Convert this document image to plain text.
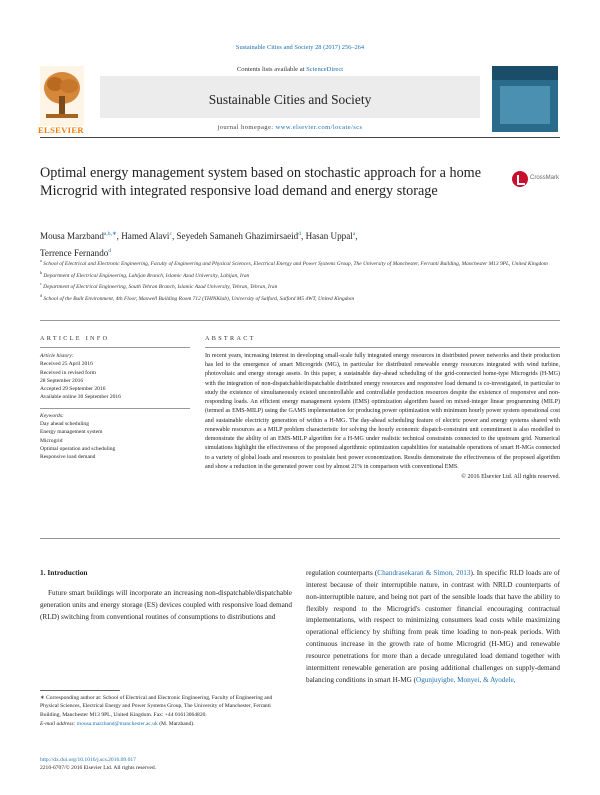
Sustainable Cities and Society 28 (2017) 256–264
ELSEVIER
Contents lists available at ScienceDirect
Sustainable Cities and Society
journal homepage: www.elsevier.com/locate/scs
Optimal energy management system based on stochastic approach for a home Microgrid with integrated responsive load demand and energy storage
CrossMark
Mousa Marzband$^{a,b,∗}$, Hamed Alavi$^c$, Seyedeh Samaneh Ghazimirsaeid$^d$, Hasan Uppal$^a$,
Terrence Fernando$^d$
$^a$ School of Electrical and Electronic Engineering, Faculty of Engineering and Physical Sciences, Electrical Energy and Power Systems Group, The University of Manchester, Ferranti Building, Manchester M13 9PL, United Kingdom
$^b$ Department of Electrical Engineering, Lahijan Branch, Islamic Azad University, Lahijan, Iran
$^c$ Department of Electrical Engineering, South Tehran Branch, Islamic Azad University, Tehran, Tehran, Iran
$^d$ School of the Built Environment, 4th Floor, Maxwell Building Room 712 (THINKlab), University of Salford, Salford M5 4WT, United Kingdom
ARTICLE INFO
Article history:
Received 25 April 2016
Received in revised form
28 September 2016
Accepted 29 September 2016
Available online 30 September 2016
Keywords:
Day ahead scheduling
Energy management system
Microgrid
Optimal operation and scheduling
Responsive load demand
ABSTRACT
In recent years, increasing interest in developing small-scale fully integrated energy resources in distributed power networks and their production has led to the emergence of smart Microgrids (MG), in particular for distributed renewable energy resources integrated with wind turbine, photovoltaic and energy storage assets. In this paper, a sustainable day-ahead scheduling of the grid-connected home-type Microgrids (H-MG) with the integration of non-dispatchable/dispatchable distributed energy resources and responsive load demand is co-investigated, in particular to study the existence of simultaneously existed uncontrollable and controllable production resources despite the existence of responsive and non-responding loads. An efficient energy management system (EMS) optimization algorithm based on mixed-integer linear programming (MILP) (termed as EMS-MILP) using the GAMS implementation for producing power optimization with minimum hourly power system operational cost and sustainable electricity generation of within a H-MG. The day-ahead scheduling feature of electric power and energy systems shared with renewable resources as a MILP problem characteristic for solving the hourly economic dispatch-constraint unit commitment is also modelled to demonstrate the ability of an EMS-MILP algorithm for a H-MG under realistic technical constraints connected to the upstream grid. Numerical simulations highlight the effectiveness of the proposed algorithmic optimization capabilities for sustainable operations of smart H-MGs connected to a variety of global loads and resources to postulate best power economization. Results demonstrate the effectiveness of the proposed algorithm and show a reduction in the generated power cost by almost 21% in comparison with conventional EMS.
© 2016 Elsevier Ltd. All rights reserved.
1. Introduction
Future smart buildings will incorporate an increasing non-dispatchable/dispatchable generation units and energy storage (ES) devices coupled with responsive load demand (RLD) switching from conventional routines of consumptions to distributions and
regulation counterparts (Chandrasekaran & Simon, 2013). In specific RLD loads are of interest because of their interruptible nature, in contrast with NRLD counterparts of non-interruptible nature, and being not part of the sensible loads that have the ability to flexibly respond to the Microgrid's customer financial encouraging contractual implementations, with respect to minimizing consumers lead costs while maximizing operational efficiency by shifting from peak time loading to non-peak periods. With continuous increase in the growth rate of home Microgrid (H-MG) and renewable resource penetrations for more than a decade unregulated load demand together with intermittent renewable generation are posing additional challenges on supply-demand balancing conditions in smart H-MG (Ogunjuyigbe, Monyei, & Ayodele,
∗ Corresponding author at: School of Electrical and Electronic Engineering, Faculty of Engineering and Physical Sciences, Electrical Energy and Power Systems Group, The University of Manchester, Ferranti Building, Manchester M13 9PL, United Kingdom. Fax: +44 01613064820.
E-mail address: mousa.marzband@manchester.ac.uk (M. Marzband).
http://dx.doi.org/10.1016/j.scs.2016.09.017
2210-6707/© 2016 Elsevier Ltd. All rights reserved.
